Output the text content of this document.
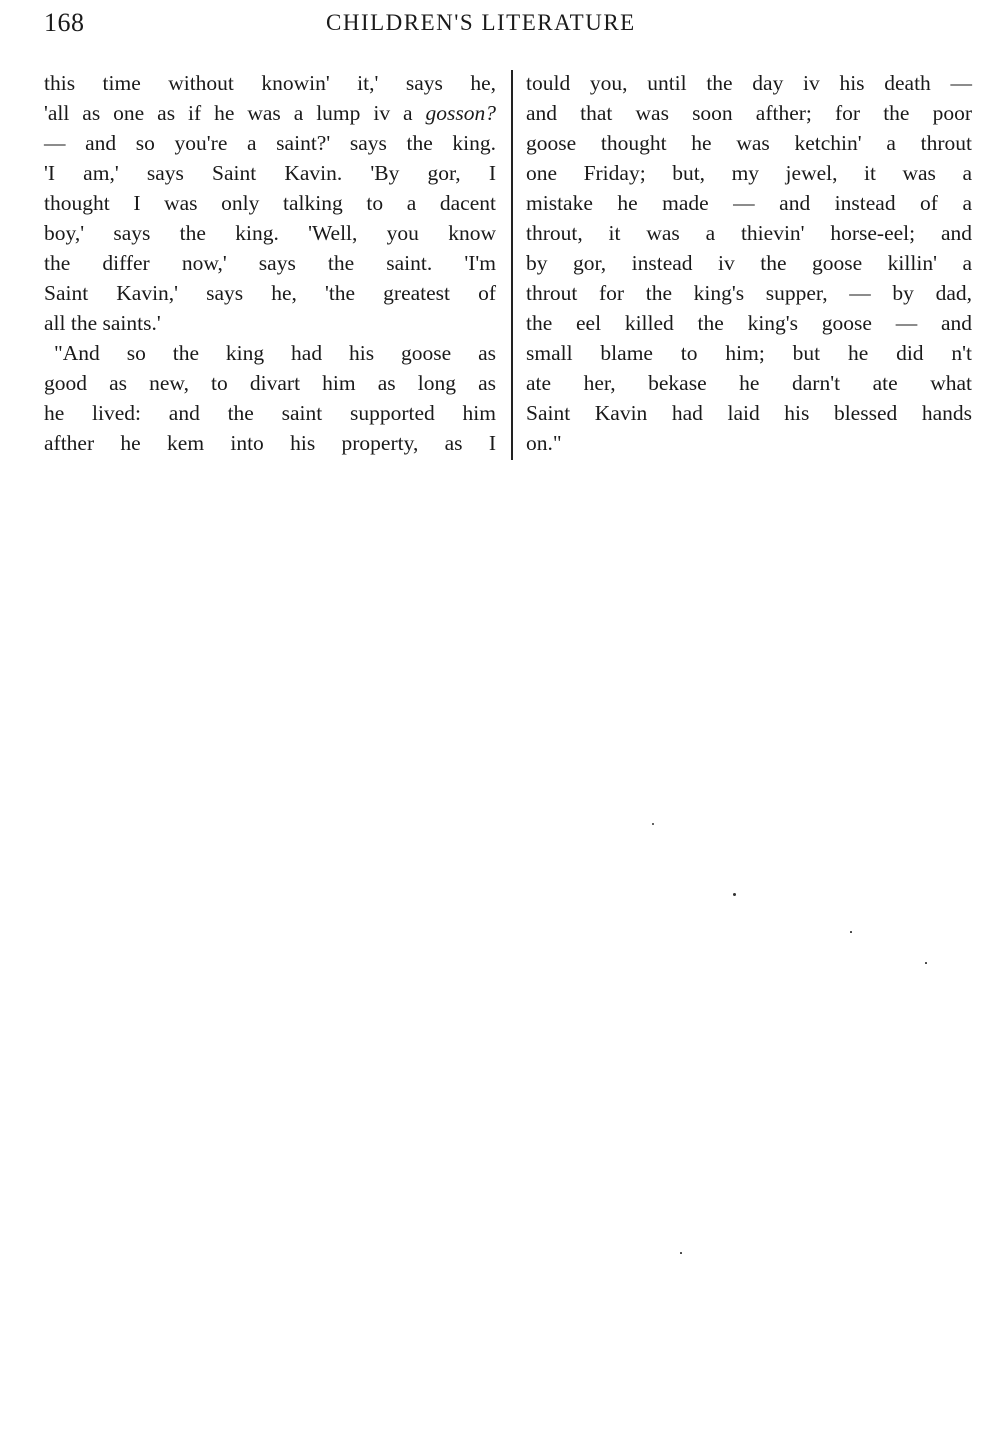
168	CHILDREN'S LITERATURE
this time without knowin' it,' says he,
'all as one as if he was a lump iv a gosson?
— and so you're a saint?' says the king.
'I am,' says Saint Kavin. 'By gor, I
thought I was only talking to a dacent
boy,' says the king. 'Well, you know
the differ now,' says the saint. 'I'm
Saint Kavin,' says he, 'the greatest of
all the saints.'
"And so the king had his goose as
good as new, to divart him as long as
he lived: and the saint supported him
afther he kem into his property, as I
tould you, until the day iv his death —
and that was soon afther; for the poor
goose thought he was ketchin' a throut
one Friday; but, my jewel, it was a
mistake he made — and instead of a
throut, it was a thievin' horse-eel; and
by gor, instead iv the goose killin' a
throut for the king's supper, — by dad,
the eel killed the king's goose — and
small blame to him; but he did n't
ate her, bekase he darn't ate what
Saint Kavin had laid his blessed hands
on."
